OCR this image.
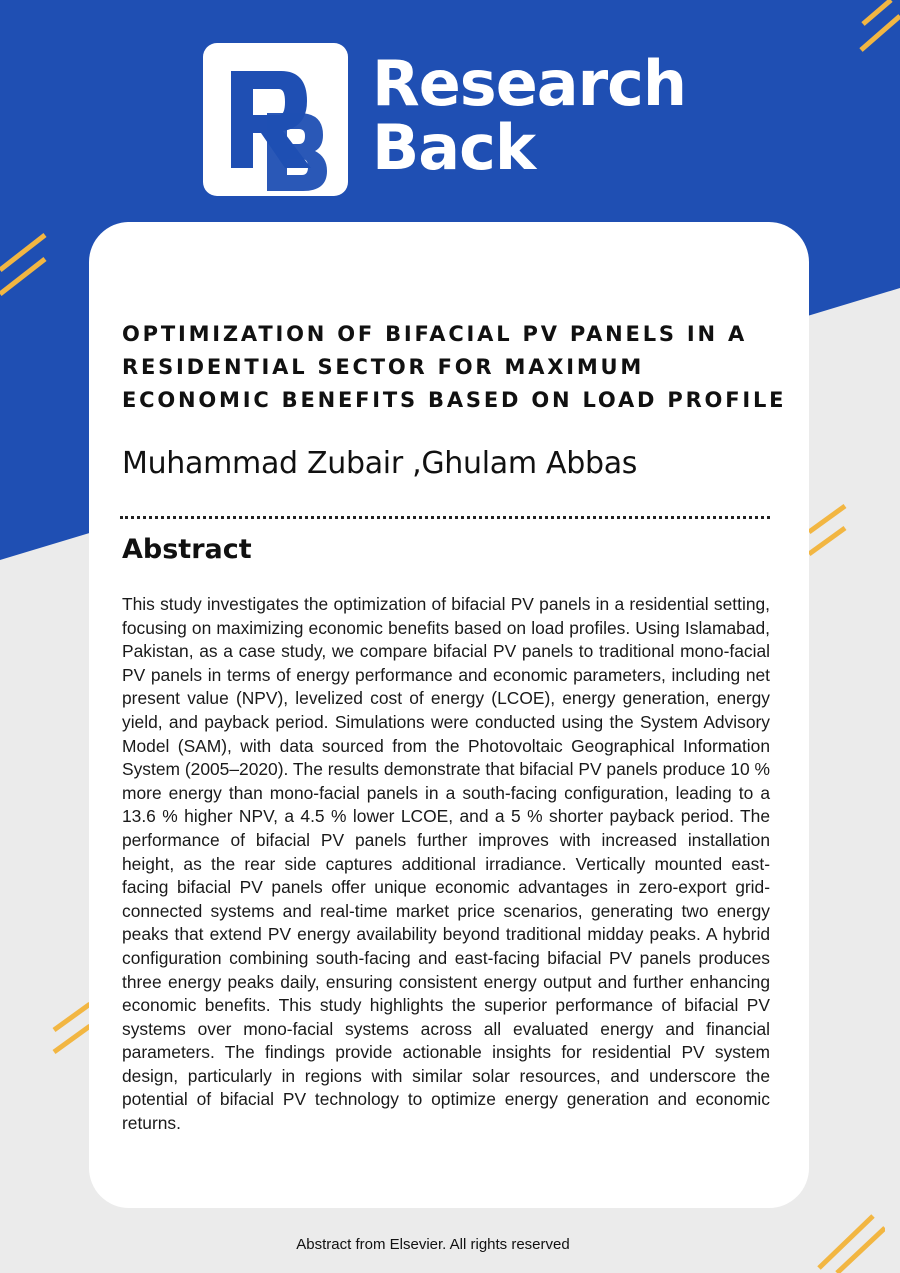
Research
Back
OPTIMIZATION OF BIFACIAL PV PANELS IN A RESIDENTIAL SECTOR FOR MAXIMUM ECONOMIC BENEFITS BASED ON LOAD PROFILE
Muhammad Zubair ,Ghulam Abbas
Abstract

This study investigates the optimization of bifacial PV panels in a residential setting, focusing on maximizing economic benefits based on load profiles. Using Islamabad, Pakistan, as a case study, we compare bifacial PV panels to traditional mono-facial PV panels in terms of energy performance and economic parameters, including net present value (NPV), levelized cost of energy (LCOE), energy generation, energy yield, and payback period. Simulations were conducted using the System Advisory Model (SAM), with data sourced from the Photovoltaic Geographical Information System (2005–2020). The results demonstrate that bifacial PV panels produce 10 % more energy than mono-facial panels in a south-facing configuration, leading to a 13.6 % higher NPV, a 4.5 % lower LCOE, and a 5 % shorter payback period. The performance of bifacial PV panels further improves with increased installation height, as the rear side captures additional irradiance. Vertically mounted east-facing bifacial PV panels offer unique economic advantages in zero-export grid-connected systems and real-time market price scenarios, generating two energy peaks that extend PV energy availability beyond traditional midday peaks. A hybrid configuration combining south-facing and east-facing bifacial PV panels produces three energy peaks daily, ensuring consistent energy output and further enhancing economic benefits. This study highlights the superior performance of bifacial PV systems over mono-facial systems across all evaluated energy and financial parameters. The findings provide actionable insights for residential PV system design, particularly in regions with similar solar resources, and underscore the potential of bifacial PV technology to optimize energy generation and economic returns.

Abstract from Elsevier. All rights reserved
